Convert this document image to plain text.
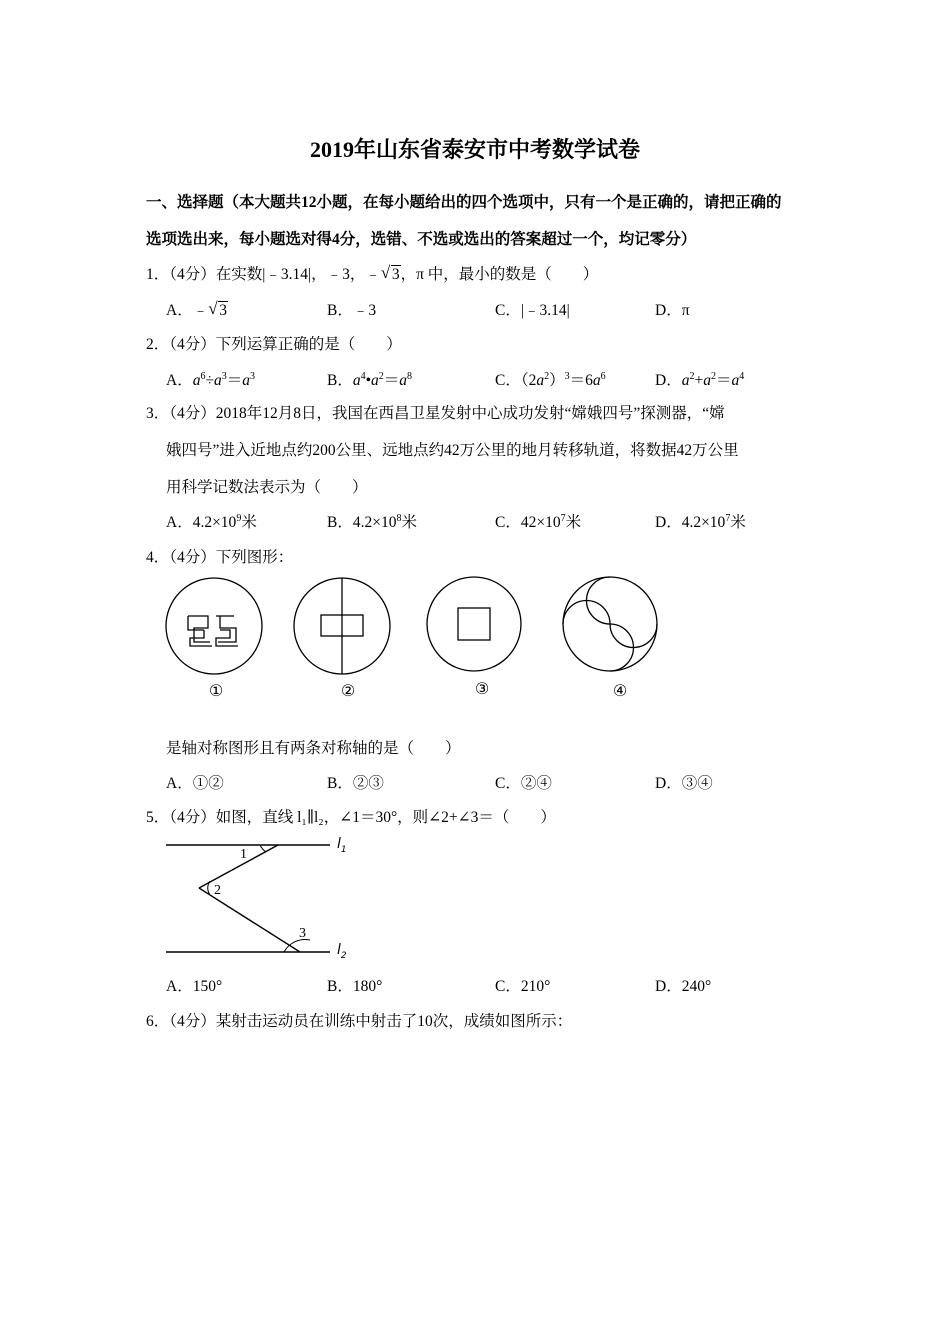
2019年山东省泰安市中考数学试卷
一、选择题（本大题共12小题，在每小题给出的四个选项中，只有一个是正确的，请把正确的
选项选出来，每小题选对得4分，选错、不选或选出的答案超过一个，均记零分）
1．（4分）在实数|﹣3.14|，﹣3，﹣ √ 3，π 中，最小的数是（　　）
A．﹣ √ 3	B．﹣3	C．|﹣3.14|	D．π
2．（4分）下列运算正确的是（　　）
A．$a^6\div a^3=a^3$	B．$a^4•a^2=a^8$	C．$(2a^2)^3=6a^6$	D．$a^2+a^2=a^4$
3．（4分）2018年12月8日，我国在西昌卫星发射中心成功发射“嫦娥四号”探测器，“嫦
娥四号”进入近地点约200公里、远地点约42万公里的地月转移轨道，将数据42万公里
用科学记数法表示为（　　）
A．$4.2\times 10^9$米	B．$4.2\times 10^8$米	C．$42\times 10^7$米	D．$4.2\times 10^7$米
4．（4分）下列图形：
①	②	③	④
是轴对称图形且有两条对称轴的是（　　）
A．①②	B．②③	C．②④	D．③④
5．（4分）如图，直线 l₁∥l₂，∠1＝30°，则∠2+∠3＝（　　）
1
2
3
$l_1$
$l_2$
A．150°	B．180°	C．210°	D．240°
6．（4分）某射击运动员在训练中射击了10次，成绩如图所示：
